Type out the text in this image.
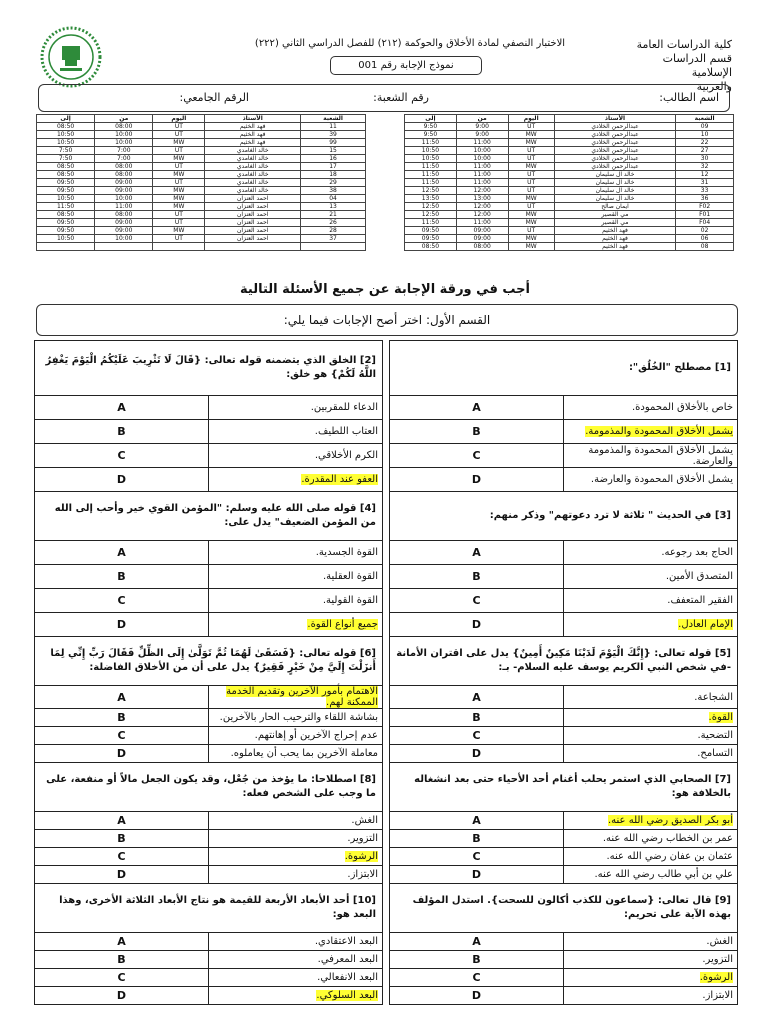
كلية الدراسات العامة
قسم الدراسات الإسلامية
والعربية
الاختبار النصفي لمادة الأخلاق والحوكمة (٢١٢) للفصل الدراسي الثاني (٢٢٢)
نموذج الإجابة رقم 001
اسم الطالب:
رقم الشعبة:
الرقم الجامعي:
الشعبة	الأستاذ	اليوم	من	إلى
09	عبدالرحمن الخلادي	UT	9:00	9:50
10	عبدالرحمن الخلادي	MW	9:00	9:50
22	عبدالرحمن الخلادي	MW	11:00	11:50
27	عبدالرحمن الخلادي	UT	10:00	10:50
30	عبدالرحمن الخلادي	UT	10:00	10:50
32	عبدالرحمن الخلادي	MW	11:00	11:50
12	خالد آل سليمان	UT	11:00	11:50
31	خالد آل سليمان	UT	11:00	11:50
33	خالد آل سليمان	UT	12:00	12:50
36	خالد آل سليمان	MW	13:00	13:50
F02	ايمان صالح	UT	12:00	12:50
F01	مي القصير	MW	12:00	12:50
F04	مي القصير	MW	11:00	11:50
02	فهد الخثيم	UT	09:00	09:50
06	فهد الخثيم	MW	09:00	09:50
08	فهد الخثيم	MW	08:00	08:50
الشعبة	الأستاذ	اليوم	من	إلى
11	فهد الخثيم	UT	08:00	08:50
39	فهد الخثيم	UT	10:00	10:50
99	فهد الخثيم	MW	10:00	10:50
15	خالد الغامدي	UT	7:00	7:50
16	خالد الغامدي	MW	7:00	7:50
17	خالد الغامدي	UT	08:00	08:50
18	خالد الغامدي	MW	08:00	08:50
29	خالد الغامدي	UT	09:00	09:50
38	خالد الغامدي	MW	09:00	09:50
04	احمد العنزان	MW	10:00	10:50
13	احمد العنزان	MW	11:00	11:50
21	احمد العنزان	UT	08:00	08:50
26	احمد العنزان	UT	09:00	09:50
28	احمد العنزان	MW	09:00	09:50
37	احمد العنزان	UT	10:00	10:50

أجب في ورقة الإجابة عن جميع الأسئلة التالية
القسم الأول: اختر أصح الإجابات فيما يلي:
[1] مصطلح "الخُلُق":			[2] الخلق الذي يتضمنه قوله تعالى: {قَالَ لَا تَثْرِيبَ عَلَيْكُمُ الْيَوْمَ يَغْفِرُ اللَّهُ لَكُمْ} هو خلق:	
خاص بالأخلاق المحمودة.	A		الدعاء للمقربين.	A
يشمل الأخلاق المحمودة والمذمومة.	B		العتاب اللطيف.	B
يشمل الأخلاق المحمودة والمذمومة والعارضة.	C		الكرم الأخلاقي.	C
يشمل الأخلاق المحمودة والعارضة.	D		العفو عند المقدرة.	D
[3] في الحديث " ثلاثة لا ترد دعوتهم" وذكر منهم:			[4] قوله صلى الله عليه وسلم: "المؤمن القوي خير وأحب إلى الله من المؤمن الضعيف" يدل على:	
الحاج بعد رجوعه.	A		القوة الجسدية.	A
المتصدق الأمين.	B		القوة العقلية.	B
الفقير المتعفف.	C		القوة القولية.	C
الإمام العادل.	D		جميع أنواع القوة.	D
[5] قوله تعالى: {إِنَّكَ الْيَوْمَ لَدَيْنَا مَكِينٌ أَمِينٌ} يدل على اقتران الأمانة -في شخص النبي الكريم يوسف عليه السلام- بـ:			[6] قوله تعالى: {فَسَقَىٰ لَهُمَا ثُمَّ تَوَلَّىٰ إِلَى الظِّلِّ فَقَالَ رَبِّ إِنِّي لِمَا أَنزَلْتَ إِلَيَّ مِنْ خَيْرٍ فَقِيرٌ} يدل على أن من الأخلاق الفاضلة:	
الشجاعة.	A		الاهتمام بأمور الآخرين وتقديم الخدمة الممكنة لهم.	A
القوة.	B		بشاشة اللقاء والترحيب الحار بالآخرين.	B
التضحية.	C		عدم إحراج الآخرين أو إهانتهم.	C
التسامح.	D		معاملة الآخرين بما يحب أن يعاملوه.	D
[7] الصحابي الذي استمر يحلب أغنام أحد الأحياء حتى بعد انشغاله بالخلافة هو:			[8] اصطلاحا: ما يؤخذ من جُعْل، وقد يكون الجعل مالاً أو منفعة، على ما وجب على الشخص فعله:	
أبو بكر الصديق رضي الله عنه.	A		الغش.	A
عمر بن الخطاب رضي الله عنه.	B		التزوير.	B
عثمان بن عفان رضي الله عنه.	C		الرشوة.	C
علي بن أبي طالب رضي الله عنه.	D		الابتزاز.	D
[9] قال تعالى: {سماعون للكذب أكالون للسحت}. استدل المؤلف بهذه الآية على تحريم:			[10] أحد الأبعاد الأربعة للقيمة هو نتاج الأبعاد الثلاثة الأخرى، وهذا البعد هو:	
الغش.	A		البعد الاعتقادي.	A
التزوير.	B		البعد المعرفي.	B
الرشوة.	C		البعد الانفعالي.	C
الابتزاز.	D		البعد السلوكي.	D
